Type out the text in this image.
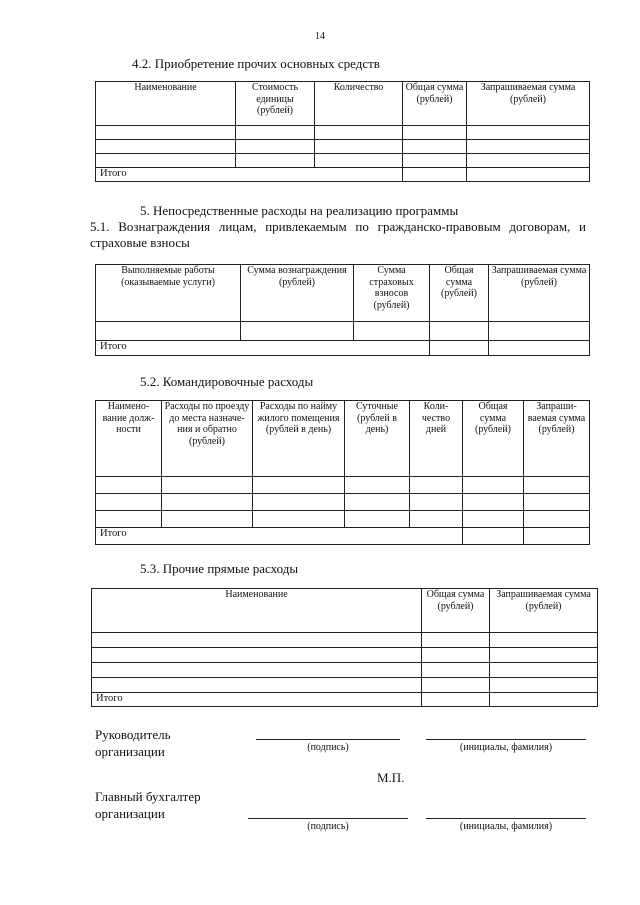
14
4.2. Приобретение прочих основных средств
Наименование	Стоимость единицы (рублей)	Количество	Общая сумма (рублей)	Запрашиваемая сумма (рублей)

Итого				
5. Непосредственные расходы на реализацию программы
5.1. Вознаграждения лицам, привлекаемым по гражданско-правовым договорам, и страховые взносы
Выполняемые работы (оказываемые услуги)	Сумма вознаграждения (рублей)	Сумма страховых взносов (рублей)	Общая сумма (рублей)	Запрашиваемая сумма (рублей)

Итого				
5.2. Командировочные расходы
Наимено-вание долж-ности	Расходы по проезду до места назначе-ния и обратно (рублей)	Расходы по найму жилого помещения (рублей в день)	Суточные (рублей в день)	Коли-чество дней	Общая сумма (рублей)	Запраши-ваемая сумма (рублей)

Итого						
5.3. Прочие прямые расходы
Наименование	Общая сумма (рублей)	Запрашиваемая сумма (рублей)

Итого		
Руководитель
организации	(подпись)	(инициалы, фамилия)
М.П.
Главный бухгалтер
организации
(подпись)	(инициалы, фамилия)
